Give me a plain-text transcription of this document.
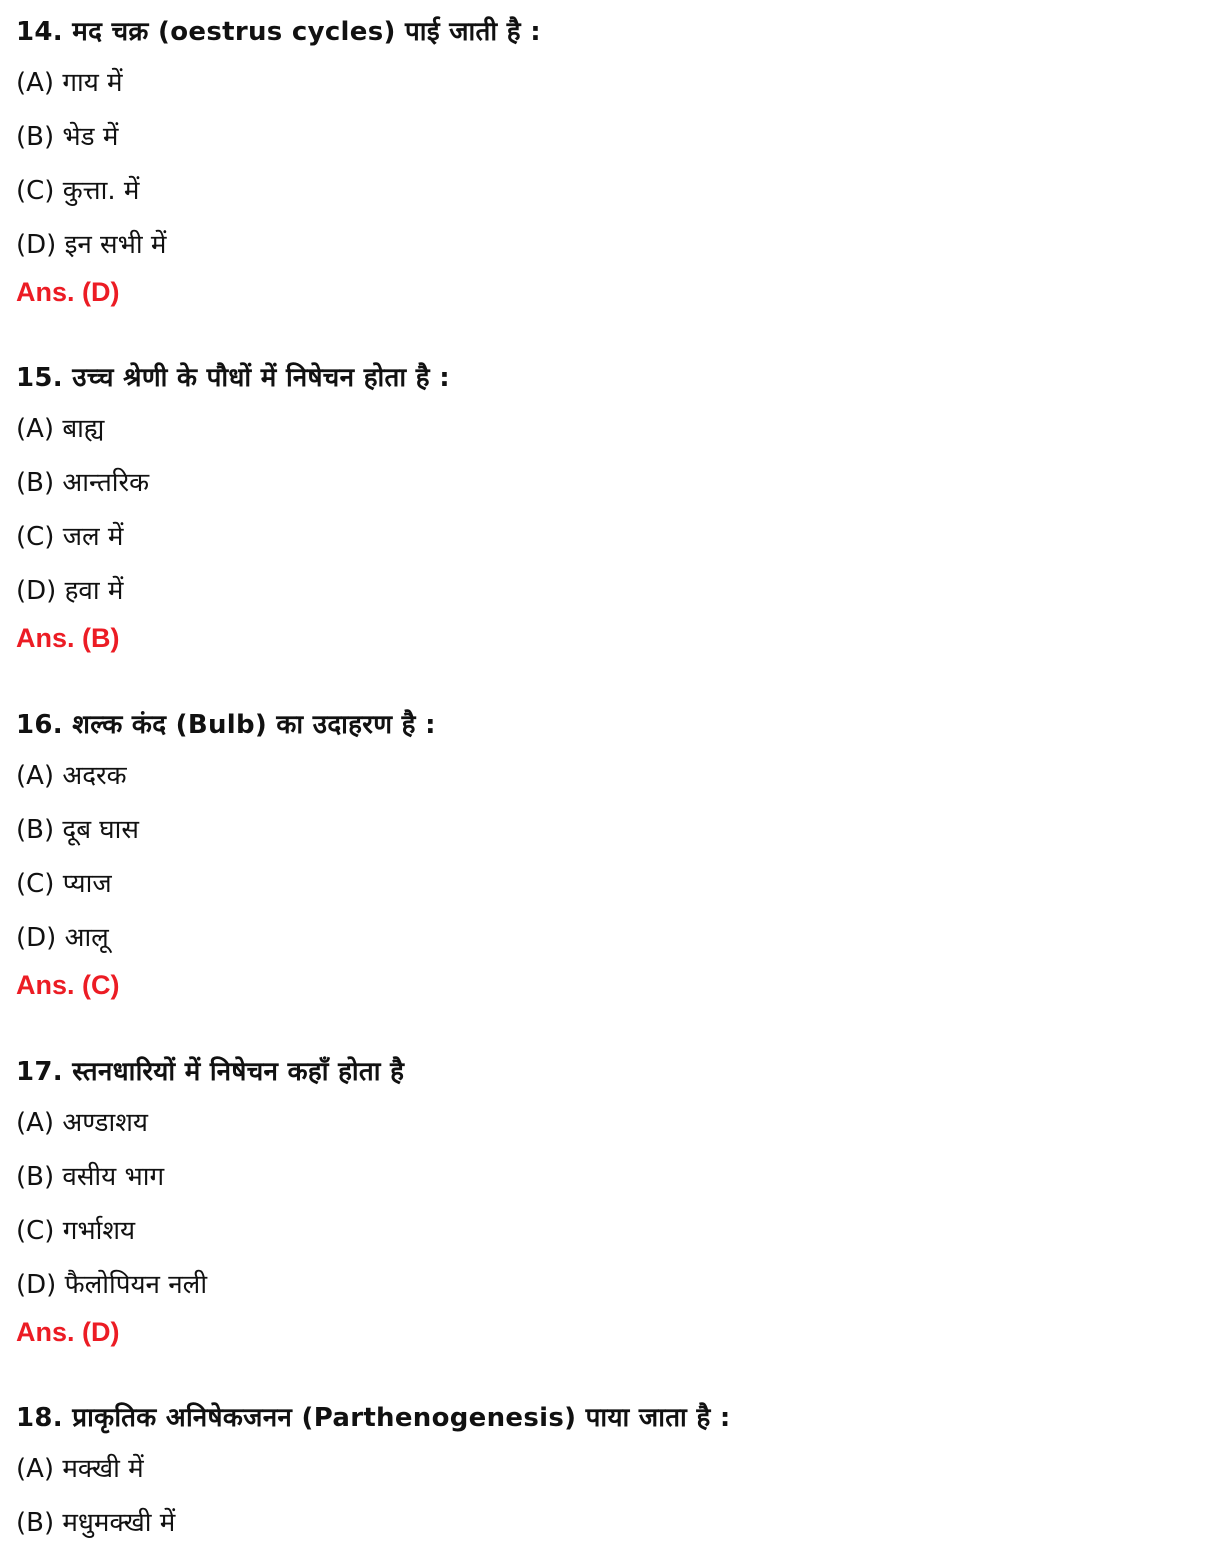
14. मद चक्र (oestrus cycles) पाई जाती है :
(A) गाय में
(B) भेड में
(C) कुत्ता. में
(D) इन सभी में
Ans. (D)
15. उच्च श्रेणी के पौधों में निषेचन होता है :
(A) बाह्य
(B) आन्तरिक
(C) जल में
(D) हवा में
Ans. (B)
16. शल्क कंद (Bulb) का उदाहरण है :
(A) अदरक
(B) दूब घास
(C) प्याज
(D) आलू
Ans. (C)
17. स्तनधारियों में निषेचन कहाँ होता है
(A) अण्डाशय
(B) वसीय भाग
(C) गर्भाशय
(D) फैलोपियन नली
Ans. (D)
18. प्राकृतिक अनिषेकजनन (Parthenogenesis) पाया जाता है :
(A) मक्खी में
(B) मधुमक्खी में
